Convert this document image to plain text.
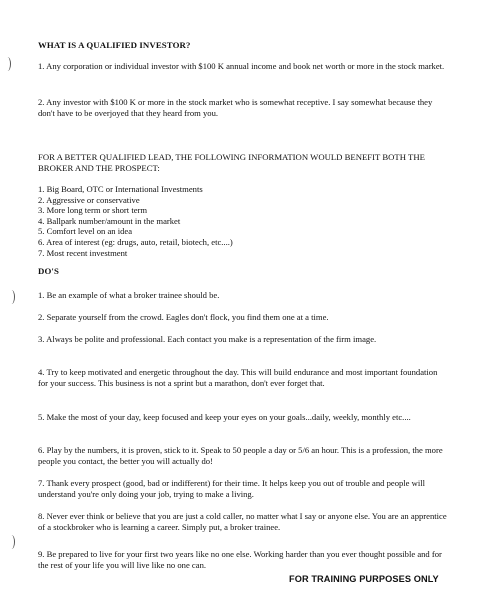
WHAT IS A QUALIFIED INVESTOR?
1. Any corporation or individual investor with $100 K annual income and book net worth or more in the stock market.
2. Any investor with $100 K or more in the stock market who is somewhat receptive. I say somewhat because they don't have to be overjoyed that they heard from you.
FOR A BETTER QUALIFIED LEAD, THE FOLLOWING INFORMATION WOULD BENEFIT BOTH THE BROKER AND THE PROSPECT:
1. Big Board, OTC or International Investments
2. Aggressive or conservative
3. More long term or short term
4. Ballpark number/amount in the market
5. Comfort level on an idea
6. Area of interest (eg: drugs, auto, retail, biotech, etc....)
7. Most recent investment
DO'S
1. Be an example of what a broker trainee should be.
2. Separate yourself from the crowd. Eagles don't flock, you find them one at a time.
3. Always be polite and professional. Each contact you make is a representation of the firm image.
4. Try to keep motivated and energetic throughout the day. This will build endurance and most important foundation for your success. This business is not a sprint but a marathon, don't ever forget that.
5. Make the most of your day, keep focused and keep your eyes on your goals...daily, weekly, monthly etc....
6. Play by the numbers, it is proven, stick to it. Speak to 50 people a day or 5/6 an hour. This is a profession, the more people you contact, the better you will actually do!
7. Thank every prospect (good, bad or indifferent) for their time. It helps keep you out of trouble and people will understand you're only doing your job, trying to make a living.
8. Never ever think or believe that you are just a cold caller, no matter what I say or anyone else. You are an apprentice of a stockbroker who is learning a career. Simply put, a broker trainee.
9. Be prepared to live for your first two years like no one else. Working harder than you ever thought possible and for the rest of your life you will live like no one can.
FOR TRAINING PURPOSES ONLY
